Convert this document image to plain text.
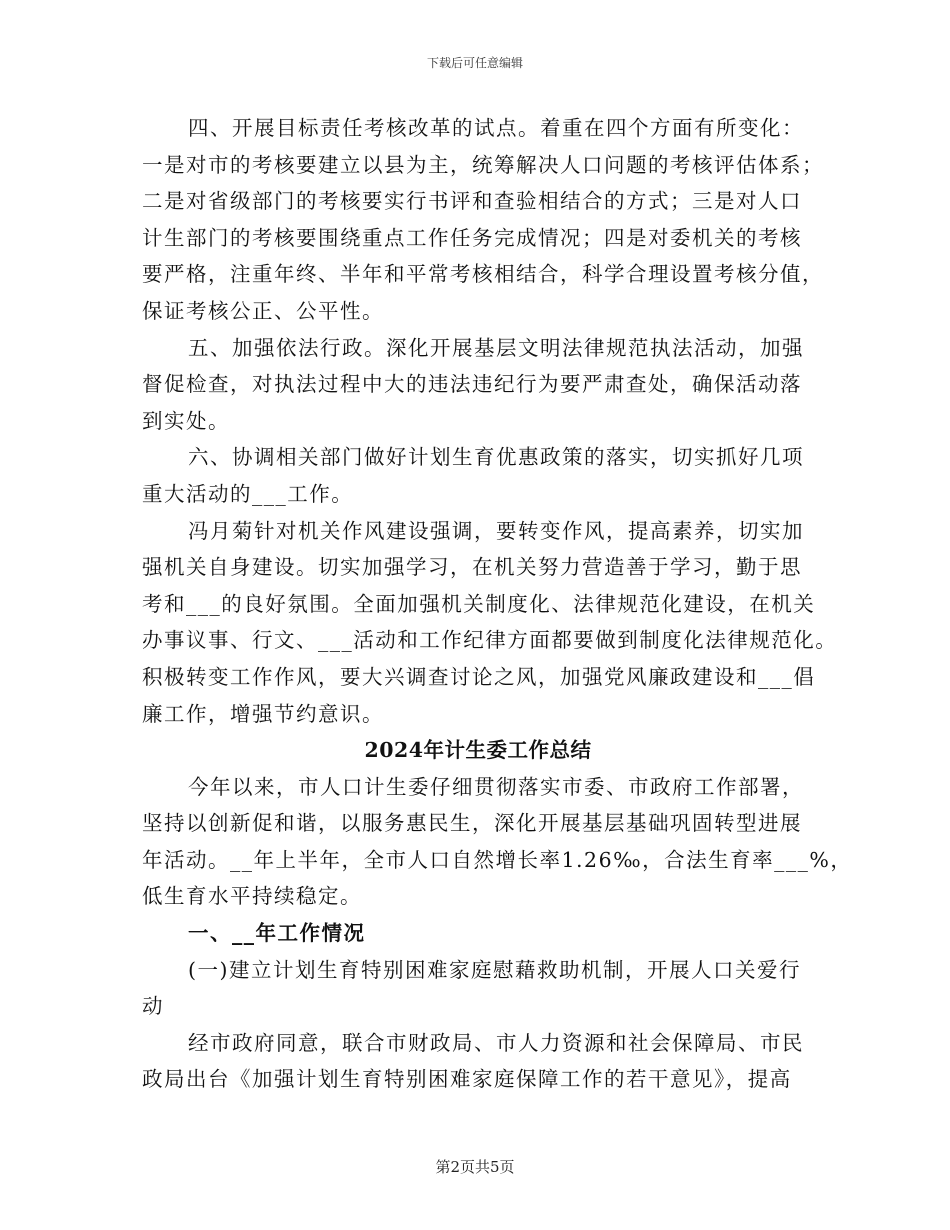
下载后可任意编辑
四、开展目标责任考核改革的试点。着重在四个方面有所变化：
一是对市的考核要建立以县为主，统筹解决人口问题的考核评估体系；
二是对省级部门的考核要实行书评和查验相结合的方式；三是对人口
计生部门的考核要围绕重点工作任务完成情况；四是对委机关的考核
要严格，注重年终、半年和平常考核相结合，科学合理设置考核分值，
保证考核公正、公平性。
五、加强依法行政。深化开展基层文明法律规范执法活动，加强
督促检查，对执法过程中大的违法违纪行为要严肃查处，确保活动落
到实处。
六、协调相关部门做好计划生育优惠政策的落实，切实抓好几项
重大活动的___工作。
冯月菊针对机关作风建设强调，要转变作风，提高素养，切实加
强机关自身建设。切实加强学习，在机关努力营造善于学习，勤于思
考和___的良好氛围。全面加强机关制度化、法律规范化建设，在机关
办事议事、行文、___活动和工作纪律方面都要做到制度化法律规范化。
积极转变工作作风，要大兴调查讨论之风，加强党风廉政建设和___倡
廉工作，增强节约意识。
2024年计生委工作总结
今年以来，市人口计生委仔细贯彻落实市委、市政府工作部署，
坚持以创新促和谐，以服务惠民生，深化开展基层基础巩固转型进展
年活动。__年上半年，全市人口自然增长率1.26‰，合法生育率___%，
低生育水平持续稳定。
一、__年工作情况
(一)建立计划生育特别困难家庭慰藉救助机制，开展人口关爱行
动
经市政府同意，联合市财政局、市人力资源和社会保障局、市民
政局出台《加强计划生育特别困难家庭保障工作的若干意见》，提高
第2页共5页
